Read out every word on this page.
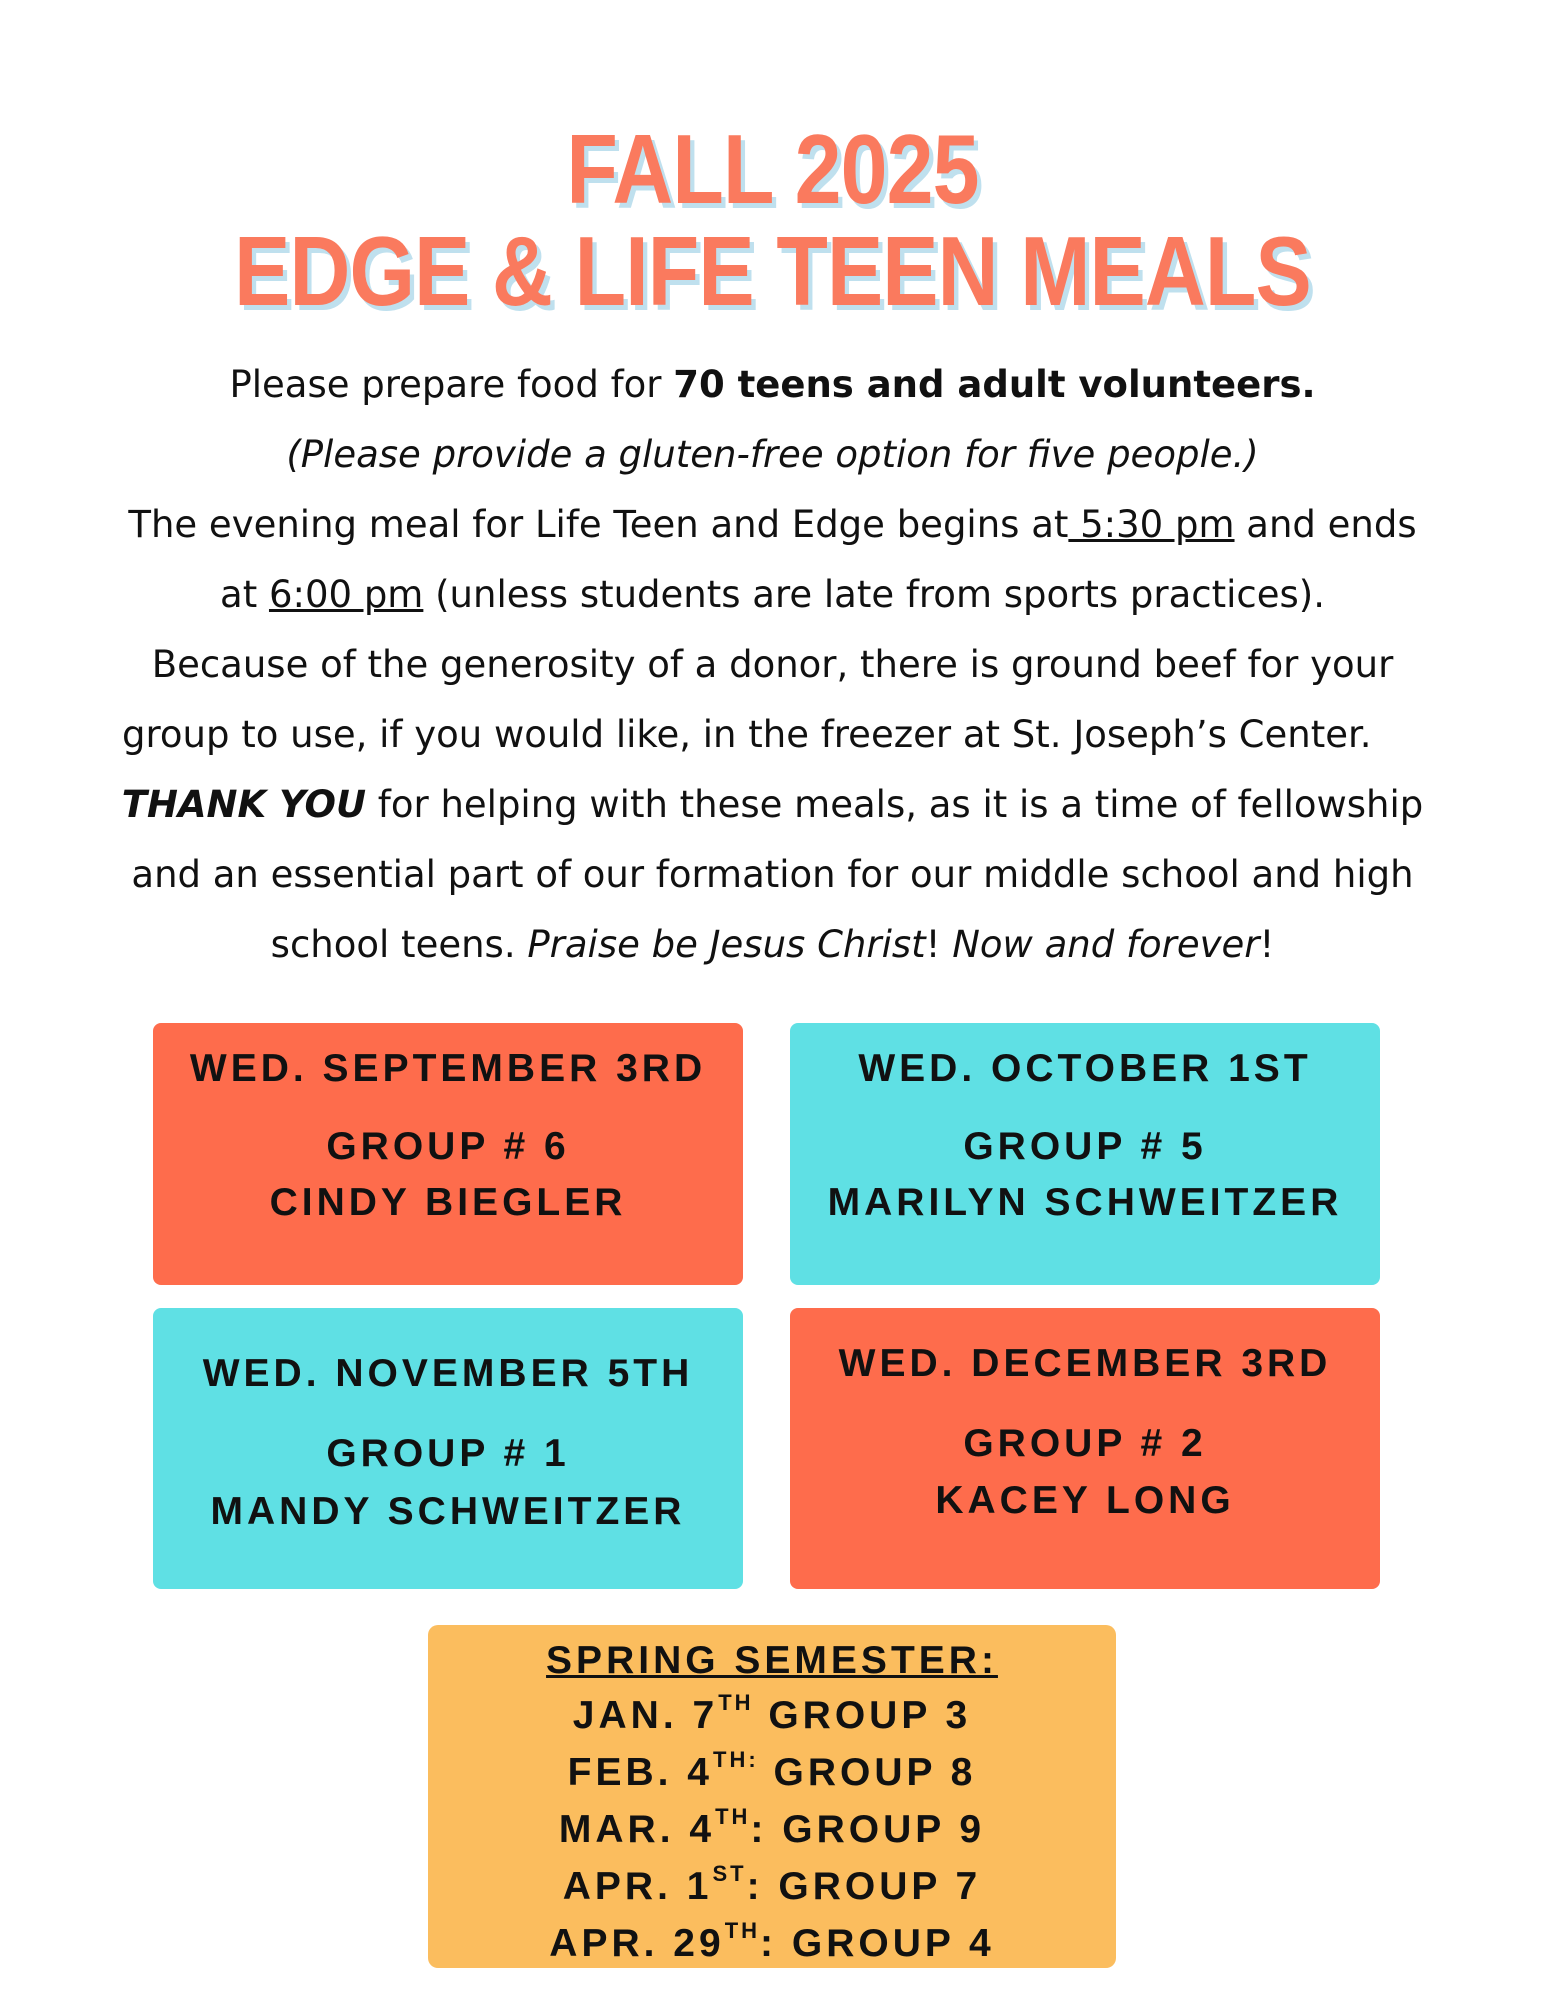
FALL 2025
EDGE & LIFE TEEN MEALS

Please prepare food for 70 teens and adult volunteers.

(Please provide a gluten-free option for five people.)

The evening meal for Life Teen and Edge begins at 5:30 pm and ends

at 6:00 pm (unless students are late from sports practices).

Because of the generosity of a donor, there is ground beef for your

group to use, if you would like, in the freezer at St. Joseph’s Center.

THANK YOU for helping with these meals, as it is a time of fellowship

and an essential part of our formation for our middle school and high

school teens. Praise be Jesus Christ! Now and forever!

WED. SEPTEMBER 3RD
GROUP # 6
CINDY BIEGLER
WED. OCTOBER 1ST
GROUP # 5
MARILYN SCHWEITZER
WED. NOVEMBER 5TH
GROUP # 1
MANDY SCHWEITZER
WED. DECEMBER 3RD
GROUP # 2
KACEY LONG
SPRING SEMESTER:
JAN. 7TH GROUP 3
FEB. $4^{TH:}$ GROUP 8
MAR. 4TH: GROUP 9
APR. 1ST: GROUP 7
APR. 29TH: GROUP 4
